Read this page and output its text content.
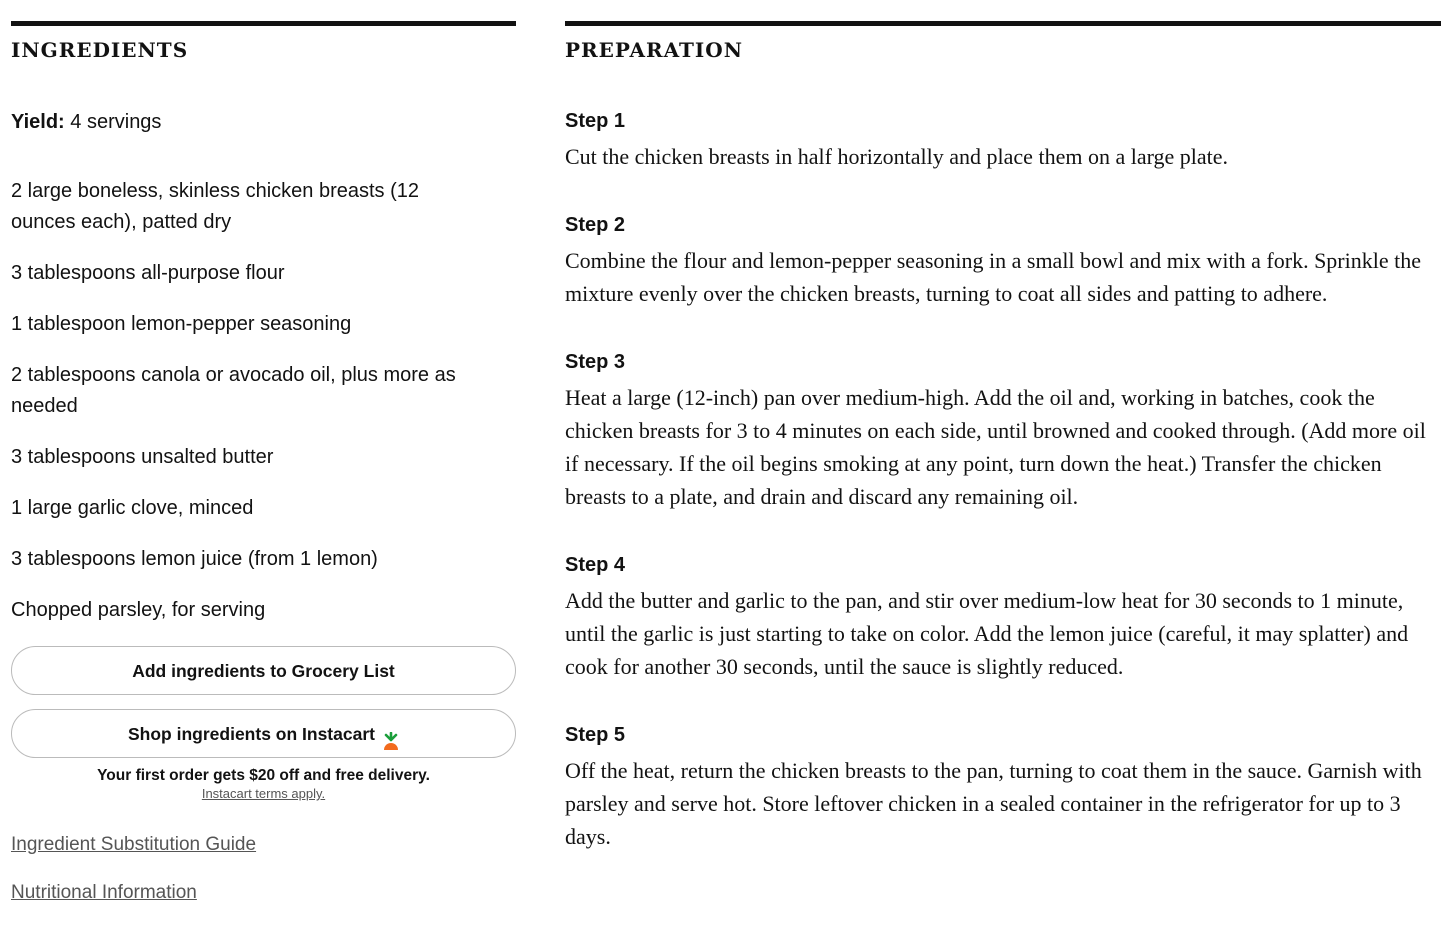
INGREDIENTS
Yield: 4 servings
2 large boneless, skinless chicken breasts (12 ounces each), patted dry
3 tablespoons all-purpose flour
1 tablespoon lemon-pepper seasoning
2 tablespoons canola or avocado oil, plus more as needed
3 tablespoons unsalted butter
1 large garlic clove, minced
3 tablespoons lemon juice (from 1 lemon)
Chopped parsley, for serving
Add ingredients to Grocery List
Shop ingredients on Instacart
Your first order gets $20 off and free delivery.
Instacart terms apply.
Ingredient Substitution Guide
Nutritional Information
PREPARATION
Step 1

Cut the chicken breasts in half horizontally and place them on a large plate.

Step 2

Combine the flour and lemon-pepper seasoning in a small bowl and mix with a fork. Sprinkle the mixture evenly over the chicken breasts, turning to coat all sides and patting to adhere.

Step 3

Heat a large (12-inch) pan over medium-high. Add the oil and, working in batches, cook the chicken breasts for 3 to 4 minutes on each side, until browned and cooked through. (Add more oil if necessary. If the oil begins smoking at any point, turn down the heat.) Transfer the chicken breasts to a plate, and drain and discard any remaining oil.

Step 4

Add the butter and garlic to the pan, and stir over medium-low heat for 30 seconds to 1 minute, until the garlic is just starting to take on color. Add the lemon juice (careful, it may splatter) and cook for another 30 seconds, until the sauce is slightly reduced.

Step 5

Off the heat, return the chicken breasts to the pan, turning to coat them in the sauce. Garnish with parsley and serve hot. Store leftover chicken in a sealed container in the refrigerator for up to 3 days.
